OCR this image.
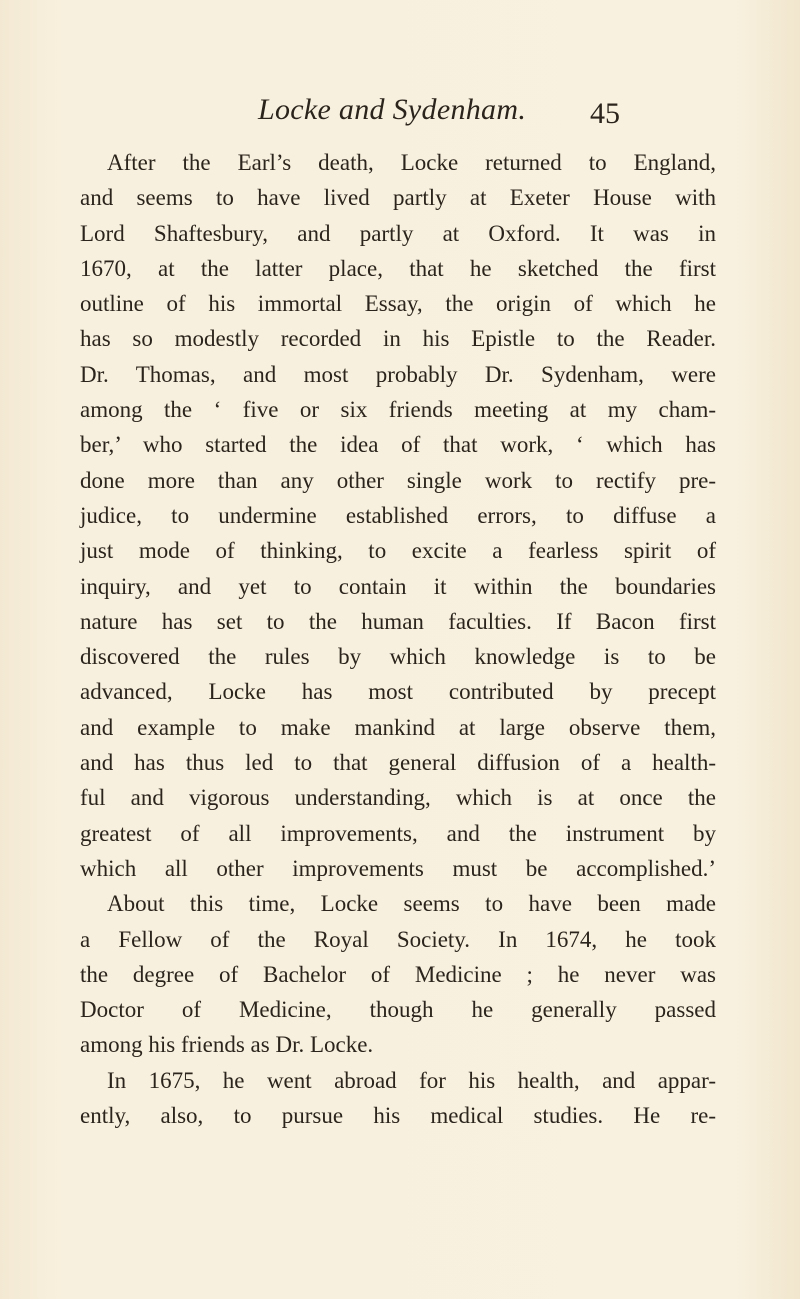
Locke and Sydenham. 45
After the Earl’s death, Locke returned to England,
and seems to have lived partly at Exeter House with
Lord Shaftesbury, and partly at Oxford. It was in
1670, at the latter place, that he sketched the first
outline of his immortal Essay, the origin of which he
has so modestly recorded in his Epistle to the Reader.
Dr. Thomas, and most probably Dr. Sydenham, were
among the ‘ five or six friends meeting at my cham-
ber,’ who started the idea of that work, ‘ which has
done more than any other single work to rectify pre-
judice, to undermine established errors, to diffuse a
just mode of thinking, to excite a fearless spirit of
inquiry, and yet to contain it within the boundaries
nature has set to the human faculties. If Bacon first
discovered the rules by which knowledge is to be
advanced, Locke has most contributed by precept
and example to make mankind at large observe them,
and has thus led to that general diffusion of a health-
ful and vigorous understanding, which is at once the
greatest of all improvements, and the instrument by
which all other improvements must be accomplished.’
About this time, Locke seems to have been made
a Fellow of the Royal Society. In 1674, he took
the degree of Bachelor of Medicine ; he never was
Doctor of Medicine, though he generally passed
among his friends as Dr. Locke.
In 1675, he went abroad for his health, and appar-
ently, also, to pursue his medical studies. He re-
